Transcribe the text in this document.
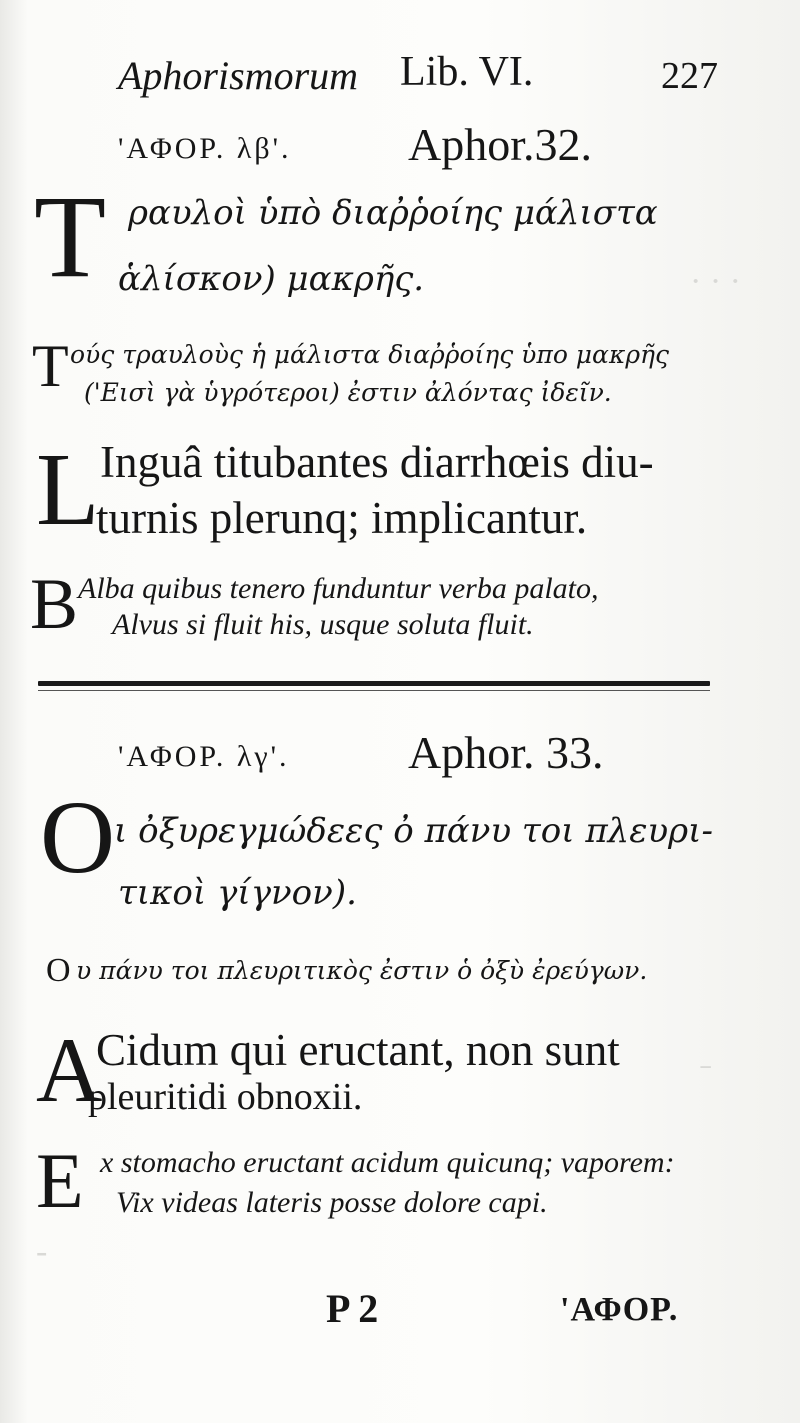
· · ·
ˉ
-
Aphorismorum Lib. VI.	227
'ΑΦΟΡ. λβ'.	Aphor.32.
T ραυλοὶ ὑπὸ διαῤῥοίης μάλιστα
ἁλίσκον) μακρῆς.
T ούς τραυλοὺς ἡ μάλιστα διαῤῥοίης ὑπο μακρῆς
('Εισὶ γὰ ὑγρότεροι) ἐστιν ἀλόντας ἰδεῖν.
L Inguâ titubantes diarrhœis diu-
turnis plerunq; implicantur.
B Alba quibus tenero funduntur verba palato,
Alvus si fluit his, usque soluta fluit.
'ΑΦΟΡ. λγ'.	Aphor. 33.
O
ι ὀξυρεγμώδεες ὀ πάνυ τοι πλευρι-
τικοὶ γίγνον).
O υ πάνυ τοι πλευριτικὸς ἐστιν ὁ ὀξὺ ἐρεύγων.
A
Cidum qui eructant, non sunt
pleuritidi obnoxii.
E x stomacho eructant acidum quicunq; vaporem:
Vix videas lateris posse dolore capi.
P 2	'ΑΦΟΡ.
